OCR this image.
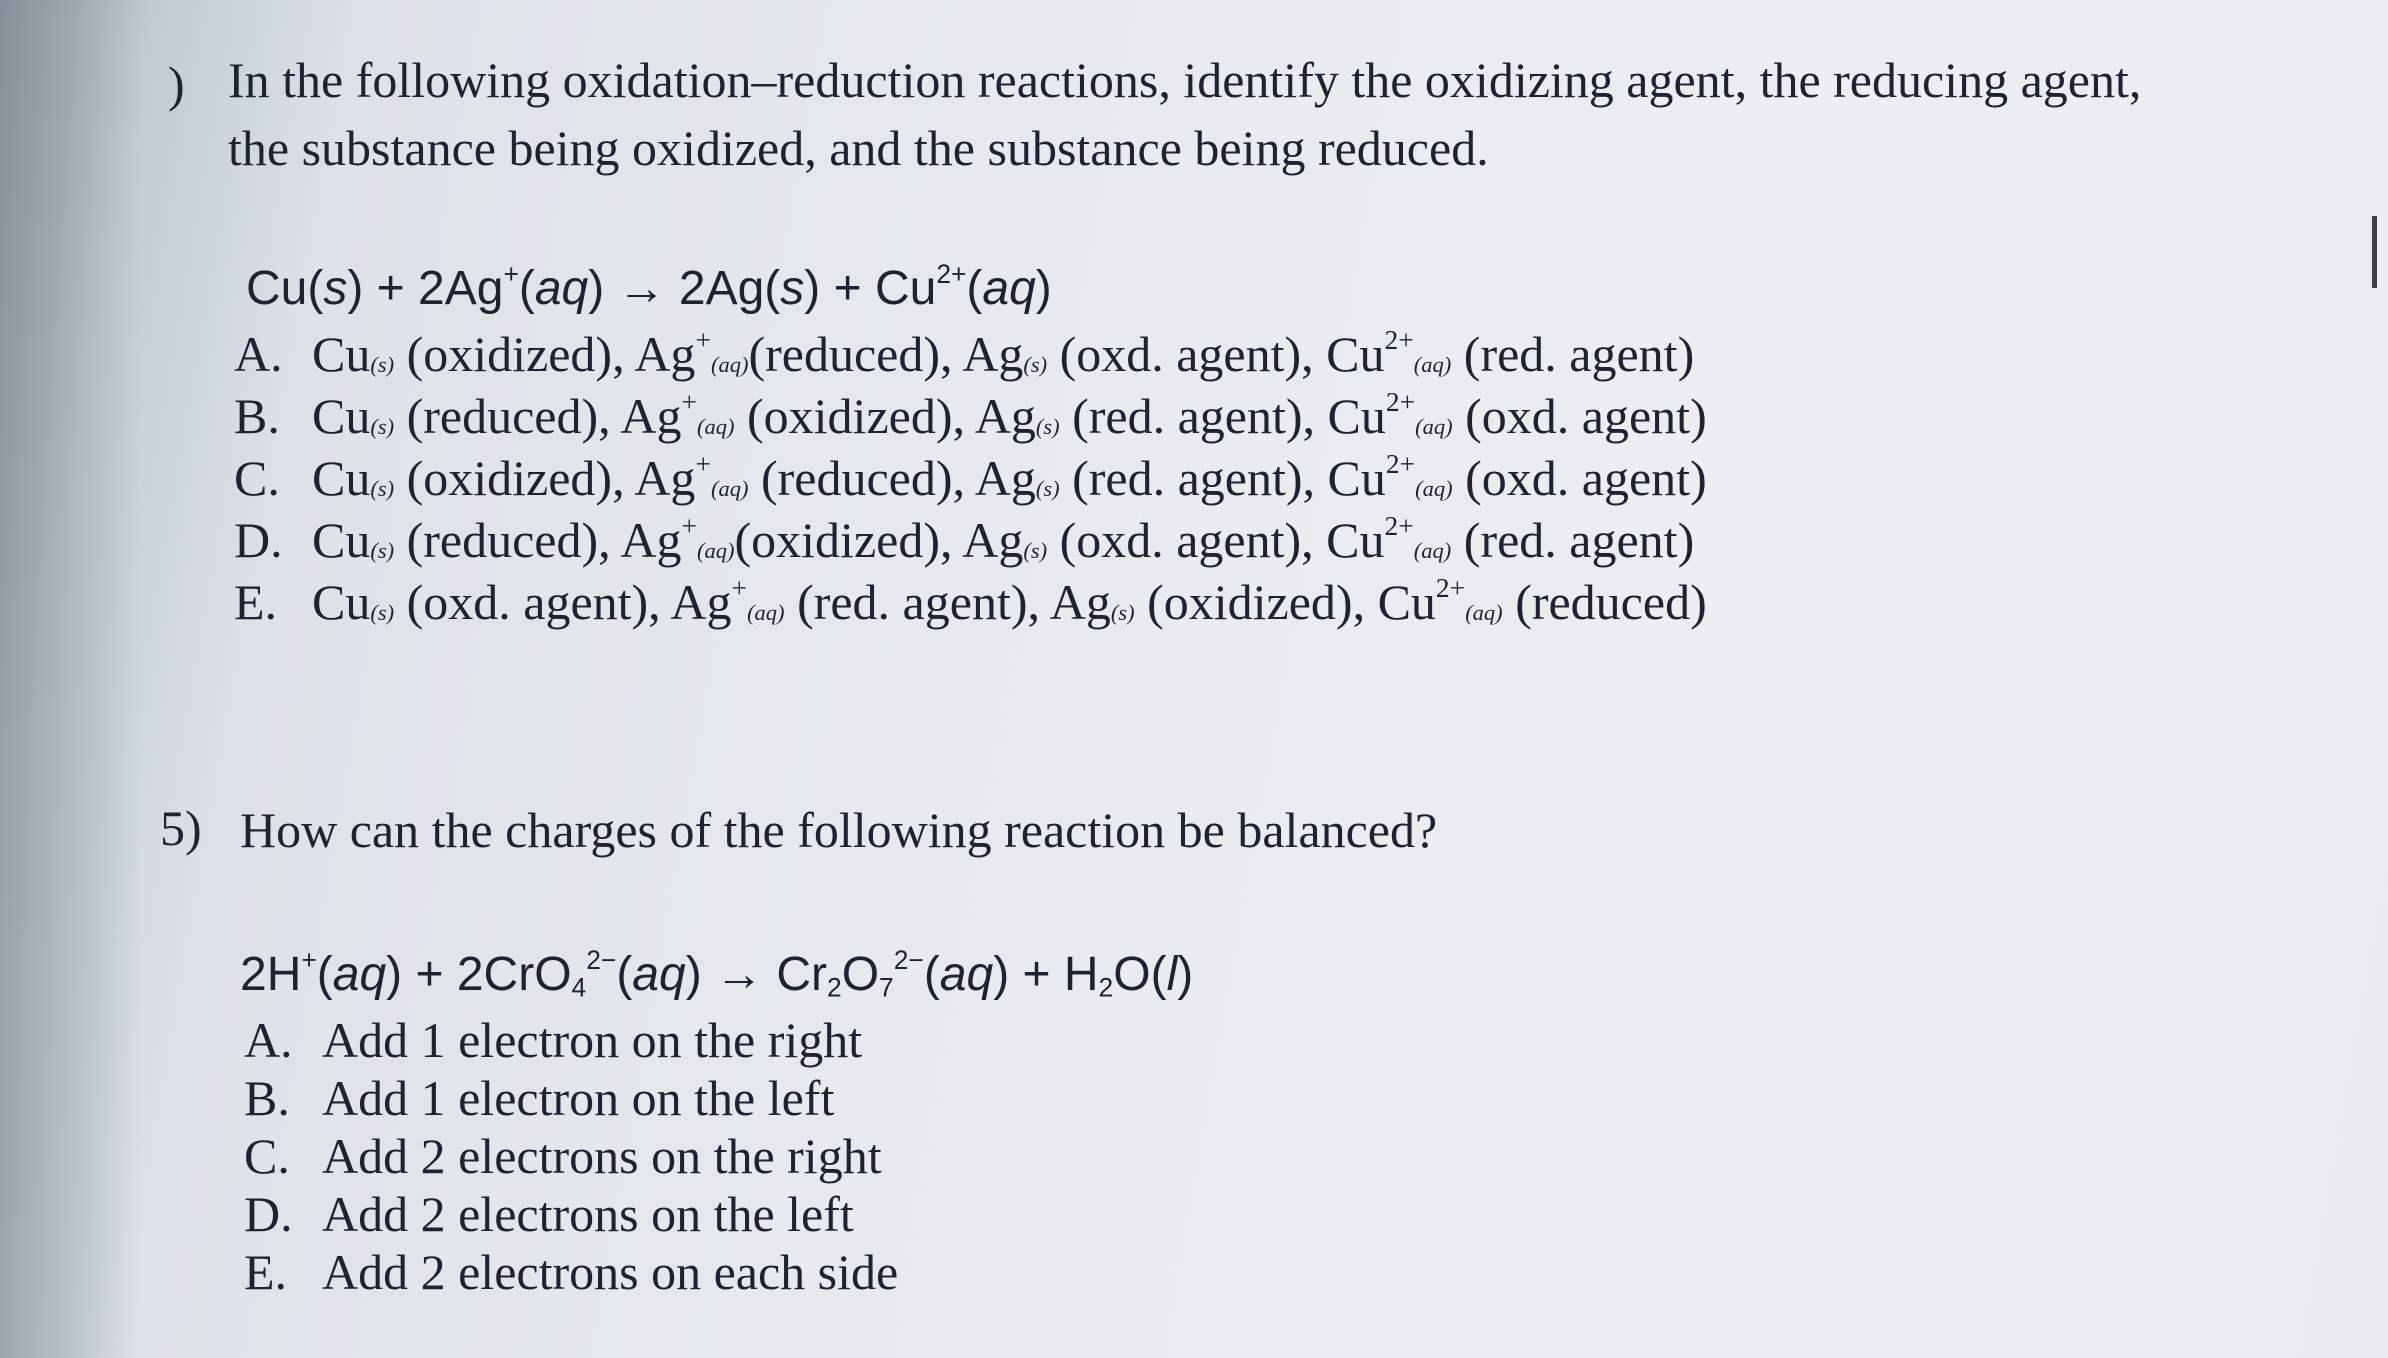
) In the following oxidation–reduction reactions, identify the oxidizing agent, the reducing agent,
the substance being oxidized, and the substance being reduced.
$Cu(s) + 2Ag^+(aq) \to 2Ag(s) + Cu^{2+}(aq)$
A. Cu(s) (oxidized), Ag+(aq)(reduced), Ag(s) (oxd. agent), $Cu^{2+}(aq)$ (red. agent)
B. Cu(s) (reduced), Ag+(aq) (oxidized), Ag(s) (red. agent), $Cu^{2+}(aq)$ (oxd. agent)
C. Cu(s) (oxidized), Ag+(aq) (reduced), Ag(s) (red. agent), $Cu^{2+}(aq)$ (oxd. agent)
D. Cu(s) (reduced), Ag+(aq)(oxidized), Ag(s) (oxd. agent), $Cu^{2+}(aq)$ (red. agent)
E. Cu(s) (oxd. agent), Ag+(aq) (red. agent), Ag(s) (oxidized), $Cu^{2+}(aq)$ (reduced)
5) How can the charges of the following reaction be balanced?
$2H^+(aq) + 2CrO_4^{2-}(aq) \to Cr_2O_7^{2-}(aq) + H_2O(l)$
A. Add 1 electron on the right
B. Add 1 electron on the left
C. Add 2 electrons on the right
D. Add 2 electrons on the left
E. Add 2 electrons on each side
